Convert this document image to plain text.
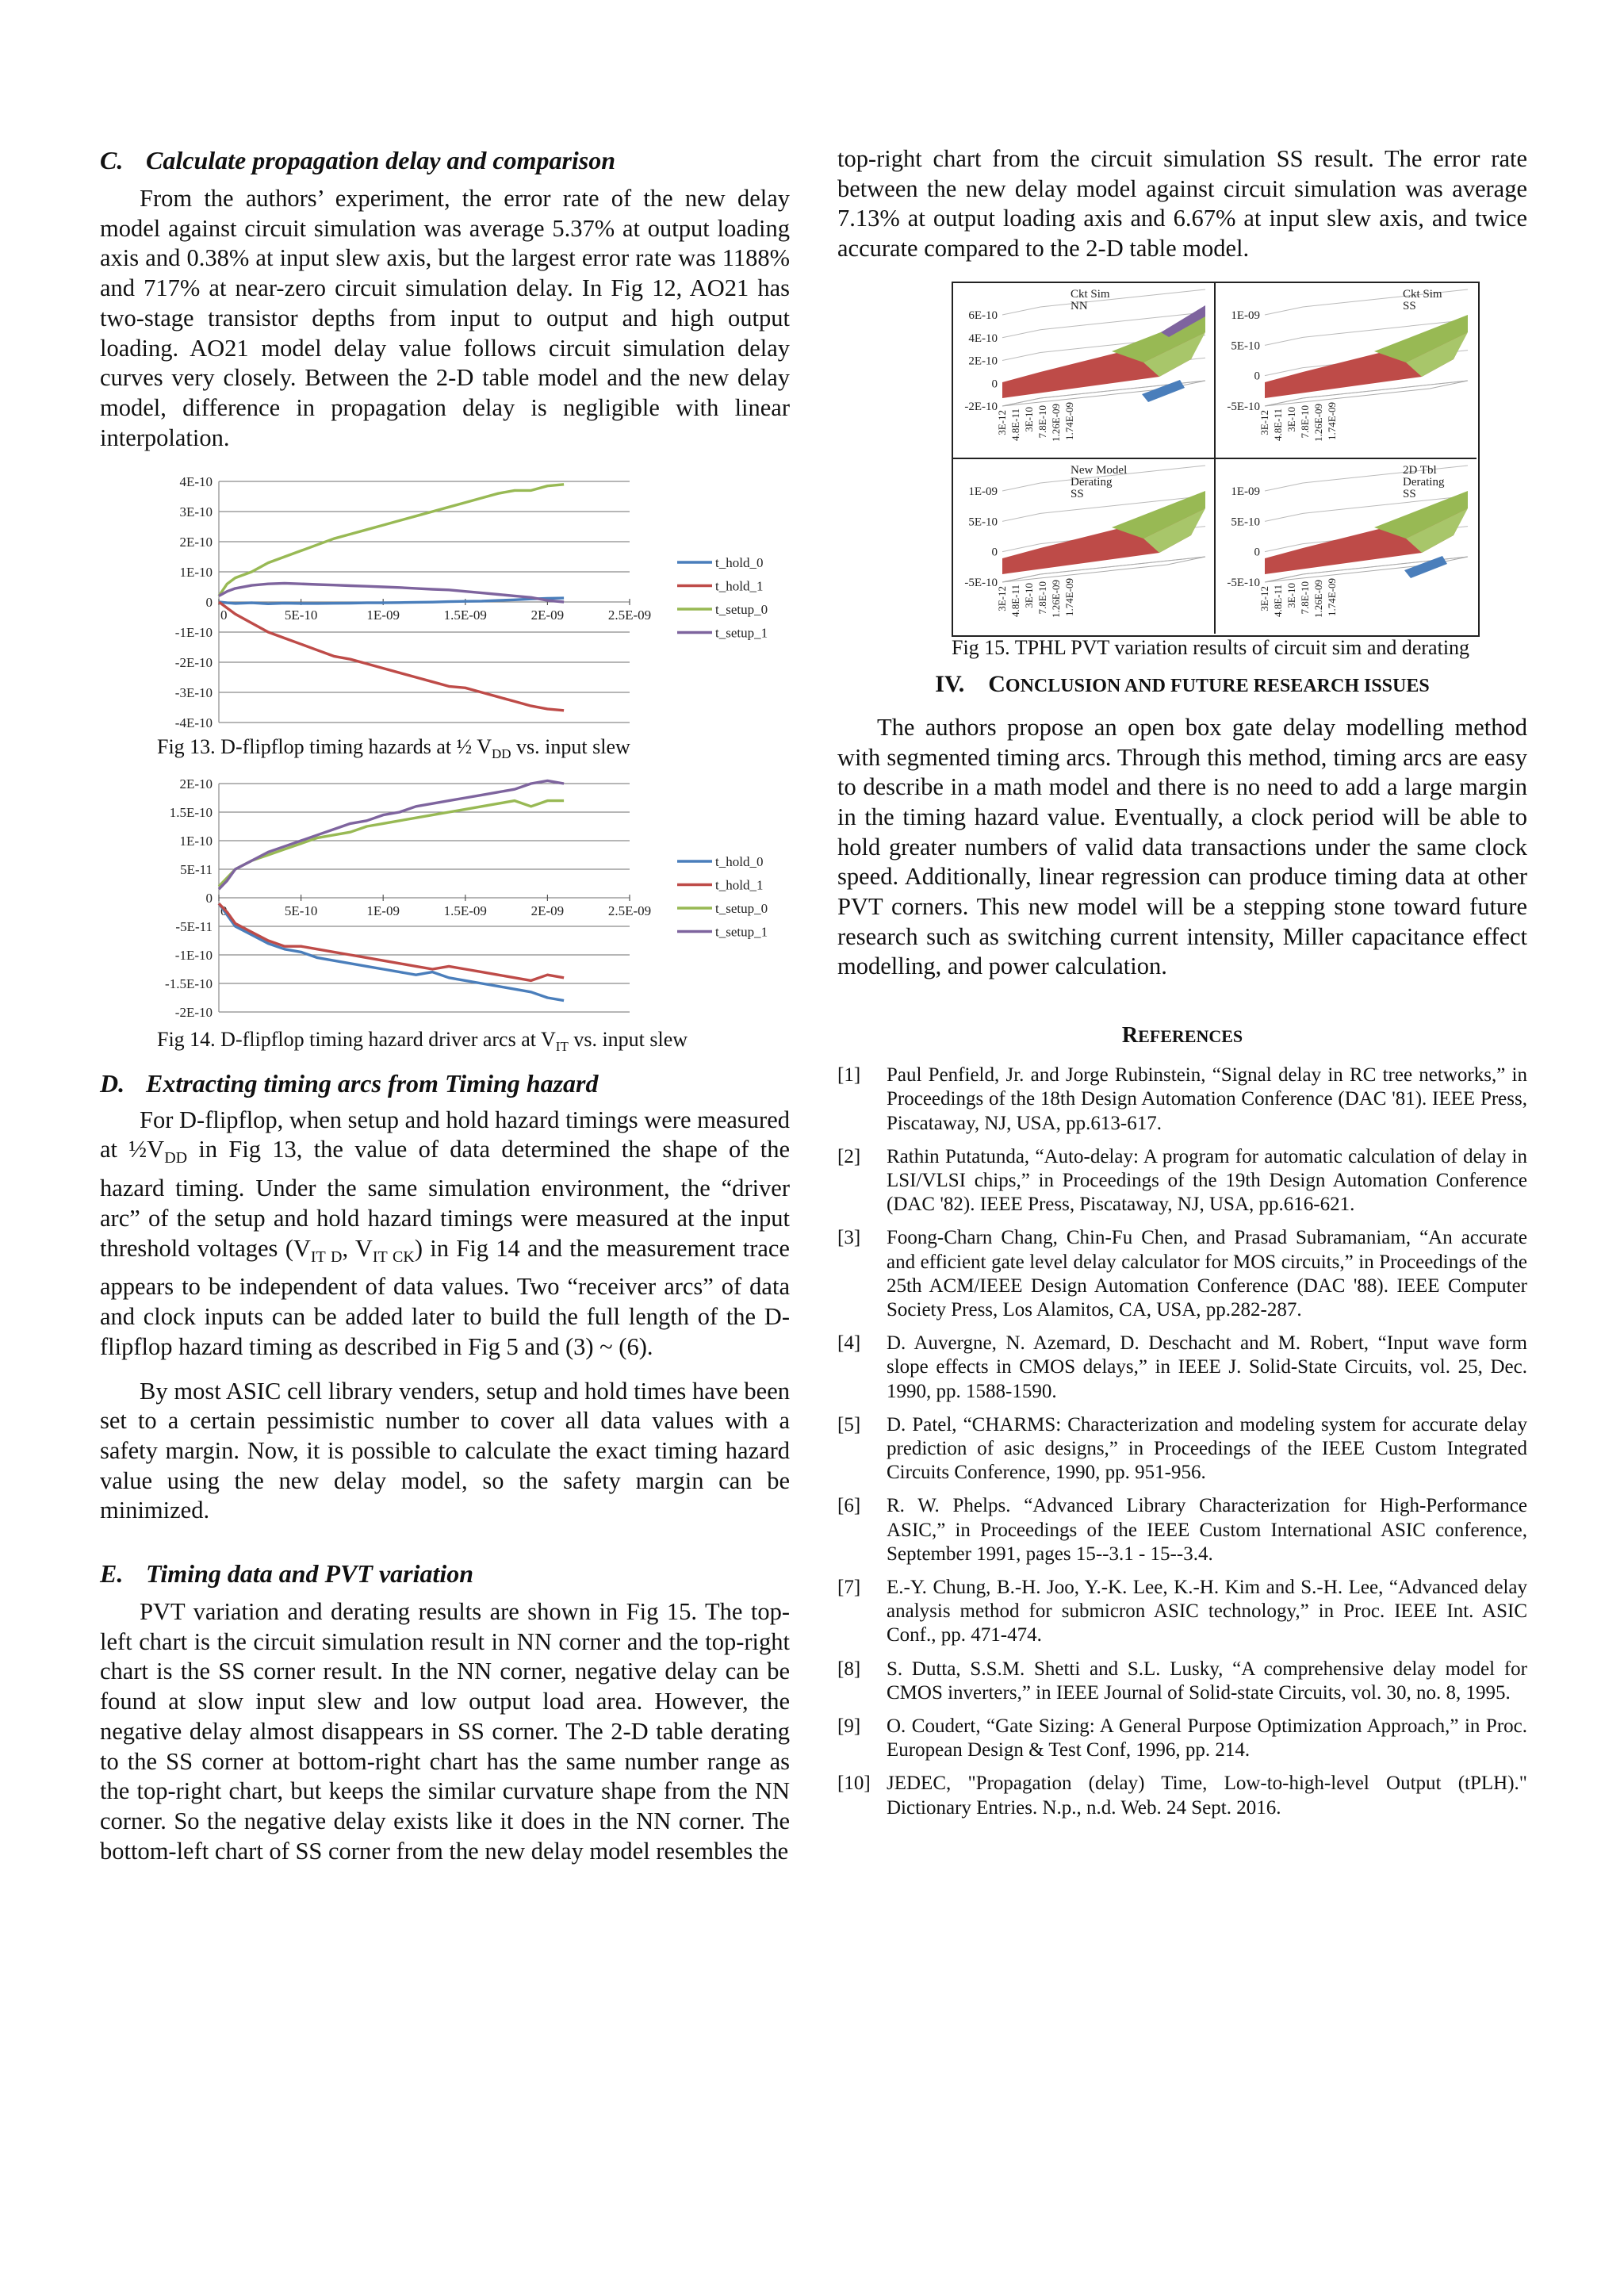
C. Calculate propagation delay and comparison

From the authors’ experiment, the error rate of the new delay model against circuit simulation was average 5.37% at output loading axis and 0.38% at input slew axis, but the largest error rate was 1188% and 717% at near-zero circuit simulation delay. In Fig 12, AO21 has two-stage transistor depths from input to output and high output loading. AO21 model delay value follows circuit simulation delay curves very closely. Between the 2-D table model and the new delay model, difference in propagation delay is negligible with linear interpolation.

4E-10
3E-10
2E-10
1E-10
0
-1E-10
-2E-10
-3E-10
-4E-10
0	5E-10	1E-09	1.5E-09	2E-09	2.5E-09
t_hold_0
t_hold_1
t_setup_0
t_setup_1

Fig 13. D-flipflop timing hazards at ½ $V_{DD}$ vs. input slew

2E-10
1.5E-10
1E-10
5E-11
0
-5E-11
-1E-10
-1.5E-10
-2E-10
0	5E-10	1E-09	1.5E-09	2E-09	2.5E-09
t_hold_0
t_hold_1
t_setup_0
t_setup_1

Fig 14. D-flipflop timing hazard driver arcs at $V_{IT}$ vs. input slew

D. Extracting timing arcs from Timing hazard

For D-flipflop, when setup and hold hazard timings were measured at $\frac{1}{2}V_{DD}$ in Fig 13, the value of data determined the shape of the hazard timing. Under the same simulation environment, the “driver arc” of the setup and hold hazard timings were measured at the input threshold voltages ($V_{IT D}$, $V_{IT CK}$) in Fig 14 and the measurement trace appears to be independent of data values. Two “receiver arcs” of data and clock inputs can be added later to build the full length of the D-flipflop hazard timing as described in Fig 5 and (3) ~ (6).

By most ASIC cell library venders, setup and hold times have been set to a certain pessimistic number to cover all data values with a safety margin. Now, it is possible to calculate the exact timing hazard value using the new delay model, so the safety margin can be minimized.

E. Timing data and PVT variation

PVT variation and derating results are shown in Fig 15. The top-left chart is the circuit simulation result in NN corner and the top-right chart is the SS corner result. In the NN corner, negative delay can be found at slow input slew and low output load area. However, the negative delay almost disappears in SS corner. The 2-D table derating to the SS corner at bottom-right chart has the same number range as the top-right chart, but keeps the similar curvature shape from the NN corner. So the negative delay exists like it does in the NN corner. The bottom-left chart of SS corner from the new delay model resembles the

top-right chart from the circuit simulation SS result. The error rate between the new delay model against circuit simulation was average 7.13% at output loading axis and 6.67% at input slew axis, and twice accurate compared to the 2-D table model.

6E-10
4E-10
2E-10
0
-2E-10
Ckt Sim
NN
3E-12 4.8E-11 3E-10 7.8E-10 1.26E-09 1.74E-09
1E-09
5E-10
0
-5E-10
Ckt Sim
SS
3E-12 4.8E-11 3E-10 7.8E-10 1.26E-09 1.74E-09
1E-09
5E-10
0
-5E-10
New Model
Derating
SS
3E-12 4.8E-11 3E-10 7.8E-10 1.26E-09 1.74E-09
1E-09
5E-10
0
-5E-10
2D Tbl
Derating
SS
3E-12 4.8E-11 3E-10 7.8E-10 1.26E-09 1.74E-09

Fig 15. TPHL PVT variation results of circuit sim and derating

IV. CONCLUSION AND FUTURE RESEARCH ISSUES

The authors propose an open box gate delay modelling method with segmented timing arcs. Through this method, timing arcs are easy to describe in a math model and there is no need to add a large margin in the timing hazard value. Eventually, a clock period will be able to hold greater numbers of valid data transactions under the same clock speed. Additionally, linear regression can produce timing data at other PVT corners. This new model will be a stepping stone toward future research such as switching current intensity, Miller capacitance effect modelling, and power calculation.

REFERENCES
[1]	Paul Penfield, Jr. and Jorge Rubinstein, “Signal delay in RC tree networks,” in Proceedings of the 18th Design Automation Conference (DAC '81). IEEE Press, Piscataway, NJ, USA, pp.613-617.
[2]	Rathin Putatunda, “Auto-delay: A program for automatic calculation of delay in LSI/VLSI chips,” in Proceedings of the 19th Design Automation Conference (DAC '82). IEEE Press, Piscataway, NJ, USA, pp.616-621.
[3]	Foong-Charn Chang, Chin-Fu Chen, and Prasad Subramaniam, “An accurate and efficient gate level delay calculator for MOS circuits,” in Proceedings of the 25th ACM/IEEE Design Automation Conference (DAC '88). IEEE Computer Society Press, Los Alamitos, CA, USA, pp.282-287.
[4]	D. Auvergne, N. Azemard, D. Deschacht and M. Robert, “Input wave form slope effects in CMOS delays,” in IEEE J. Solid-State Circuits, vol. 25, Dec. 1990, pp. 1588-1590.
[5]	D. Patel, “CHARMS: Characterization and modeling system for accurate delay prediction of asic designs,” in Proceedings of the IEEE Custom Integrated Circuits Conference, 1990, pp. 951-956.
[6]	R. W. Phelps. “Advanced Library Characterization for High-Performance ASIC,” in Proceedings of the IEEE Custom International ASIC conference, September 1991, pages 15--3.1 - 15--3.4.
[7]	E.-Y. Chung, B.-H. Joo, Y.-K. Lee, K.-H. Kim and S.-H. Lee, “Advanced delay analysis method for submicron ASIC technology,” in Proc. IEEE Int. ASIC Conf., pp. 471-474.
[8]	S. Dutta, S.S.M. Shetti and S.L. Lusky, “A comprehensive delay model for CMOS inverters,” in IEEE Journal of Solid-state Circuits, vol. 30, no. 8, 1995.
[9]	O. Coudert, “Gate Sizing: A General Purpose Optimization Approach,” in Proc. European Design & Test Conf, 1996, pp. 214.
[10] JEDEC, "Propagation (delay) Time, Low-to-high-level Output (tPLH)." Dictionary Entries. N.p., n.d. Web. 24 Sept. 2016.
